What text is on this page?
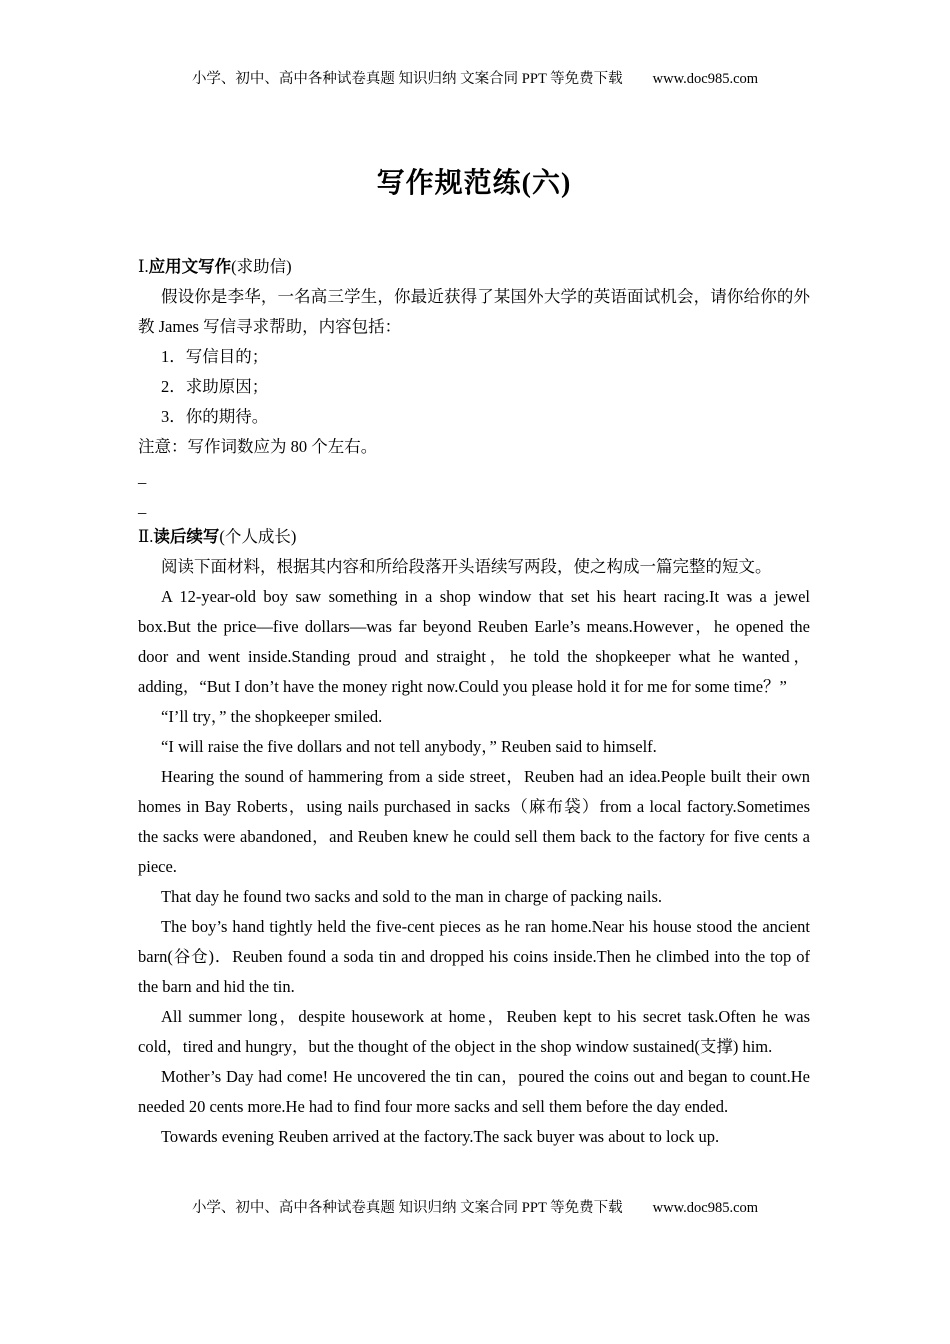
小学、初中、高中各种试卷真题 知识归纳 文案合同 PPT 等免费下载 www.doc985.com
写作规范练(六)

Ⅰ.应用文写作(求助信)

假设你是李华，一名高三学生，你最近获得了某国外大学的英语面试机会，请你给你的外教 James 写信寻求帮助，内容包括：

1．写信目的；

2．求助原因；

3．你的期待。

注意：写作词数应为 80 个左右。

_
_

Ⅱ.读后续写(个人成长)

阅读下面材料，根据其内容和所给段落开头语续写两段，使之构成一篇完整的短文。

A 12-year-old boy saw something in a shop window that set his heart racing.It was a jewel box.But the price—five dollars—was far beyond Reuben Earle’s means.However，he opened the door and went inside.Standing proud and straight，he told the shopkeeper what he wanted，adding，“But I don’t have the money right now.Could you please hold it for me for some time？”

“I’ll try，” the shopkeeper smiled.

“I will raise the five dollars and not tell anybody，” Reuben said to himself.

Hearing the sound of hammering from a side street，Reuben had an idea.People built their own homes in Bay Roberts，using nails purchased in sacks（麻布袋）from a local factory.Sometimes the sacks were abandoned，and Reuben knew he could sell them back to the factory for five cents a piece.

That day he found two sacks and sold to the man in charge of packing nails.

The boy’s hand tightly held the five-cent pieces as he ran home.Near his house stood the ancient barn(谷仓)．Reuben found a soda tin and dropped his coins inside.Then he climbed into the top of the barn and hid the tin.

All summer long，despite housework at home，Reuben kept to his secret task.Often he was cold，tired and hungry，but the thought of the object in the shop window sustained(支撑) him.

Mother’s Day had come! He uncovered the tin can，poured the coins out and began to count.He needed 20 cents more.He had to find four more sacks and sell them before the day ended.

Towards evening Reuben arrived at the factory.The sack buyer was about to lock up.

小学、初中、高中各种试卷真题 知识归纳 文案合同 PPT 等免费下载 www.doc985.com
